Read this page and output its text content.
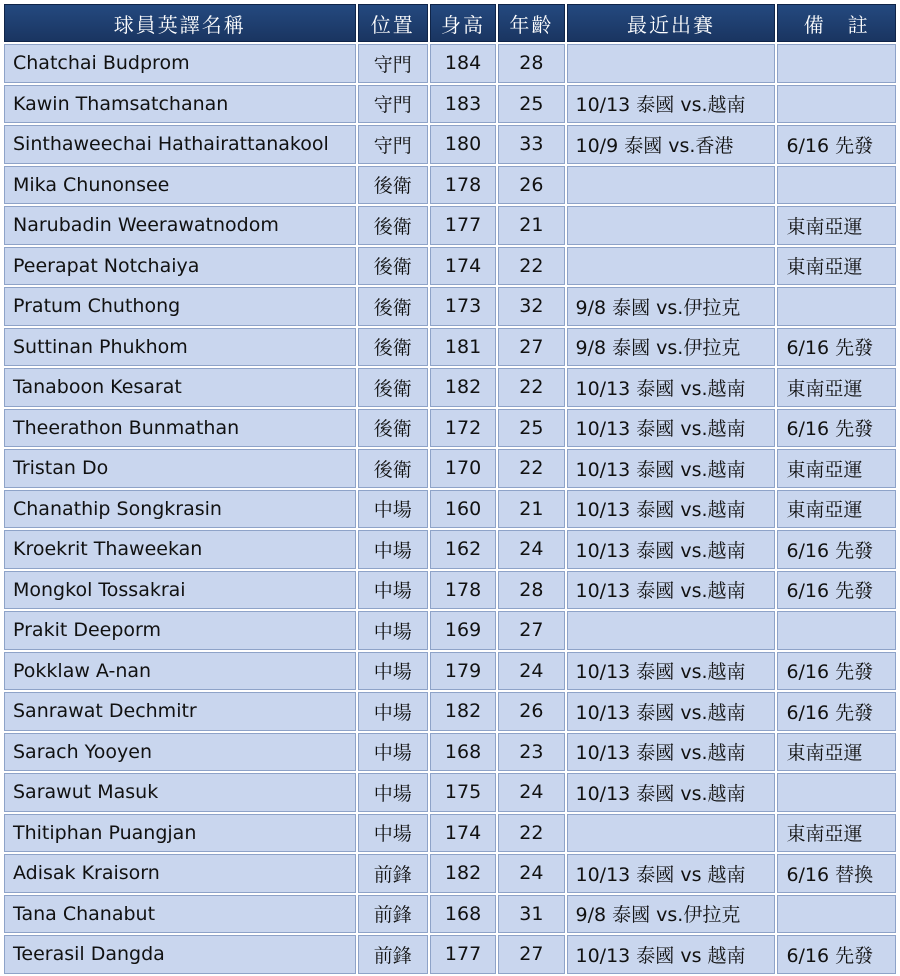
球員英譯名稱	位置	身高	年齡	最近出賽	備　註
Chatchai Budprom	守門	184	28		
Kawin Thamsatchanan	守門	183	25	10/13 泰國 vs.越南	
Sinthaweechai Hathairattanakool	守門	180	33	10/9 泰國 vs.香港	6/16 先發
Mika Chunonsee	後衛	178	26		
Narubadin Weerawatnodom	後衛	177	21		東南亞運
Peerapat Notchaiya	後衛	174	22		東南亞運
Pratum Chuthong	後衛	173	32	9/8 泰國 vs.伊拉克	
Suttinan Phukhom	後衛	181	27	9/8 泰國 vs.伊拉克	6/16 先發
Tanaboon Kesarat	後衛	182	22	10/13 泰國 vs.越南	東南亞運
Theerathon Bunmathan	後衛	172	25	10/13 泰國 vs.越南	6/16 先發
Tristan Do	後衛	170	22	10/13 泰國 vs.越南	東南亞運
Chanathip Songkrasin	中場	160	21	10/13 泰國 vs.越南	東南亞運
Kroekrit Thaweekan	中場	162	24	10/13 泰國 vs.越南	6/16 先發
Mongkol Tossakrai	中場	178	28	10/13 泰國 vs.越南	6/16 先發
Prakit Deeporm	中場	169	27		
Pokklaw A-nan	中場	179	24	10/13 泰國 vs.越南	6/16 先發
Sanrawat Dechmitr	中場	182	26	10/13 泰國 vs.越南	6/16 先發
Sarach Yooyen	中場	168	23	10/13 泰國 vs.越南	東南亞運
Sarawut Masuk	中場	175	24	10/13 泰國 vs.越南	
Thitiphan Puangjan	中場	174	22		東南亞運
Adisak Kraisorn	前鋒	182	24	10/13 泰國 vs 越南	6/16 替換
Tana Chanabut	前鋒	168	31	9/8 泰國 vs.伊拉克	
Teerasil Dangda	前鋒	177	27	10/13 泰國 vs 越南	6/16 先發
